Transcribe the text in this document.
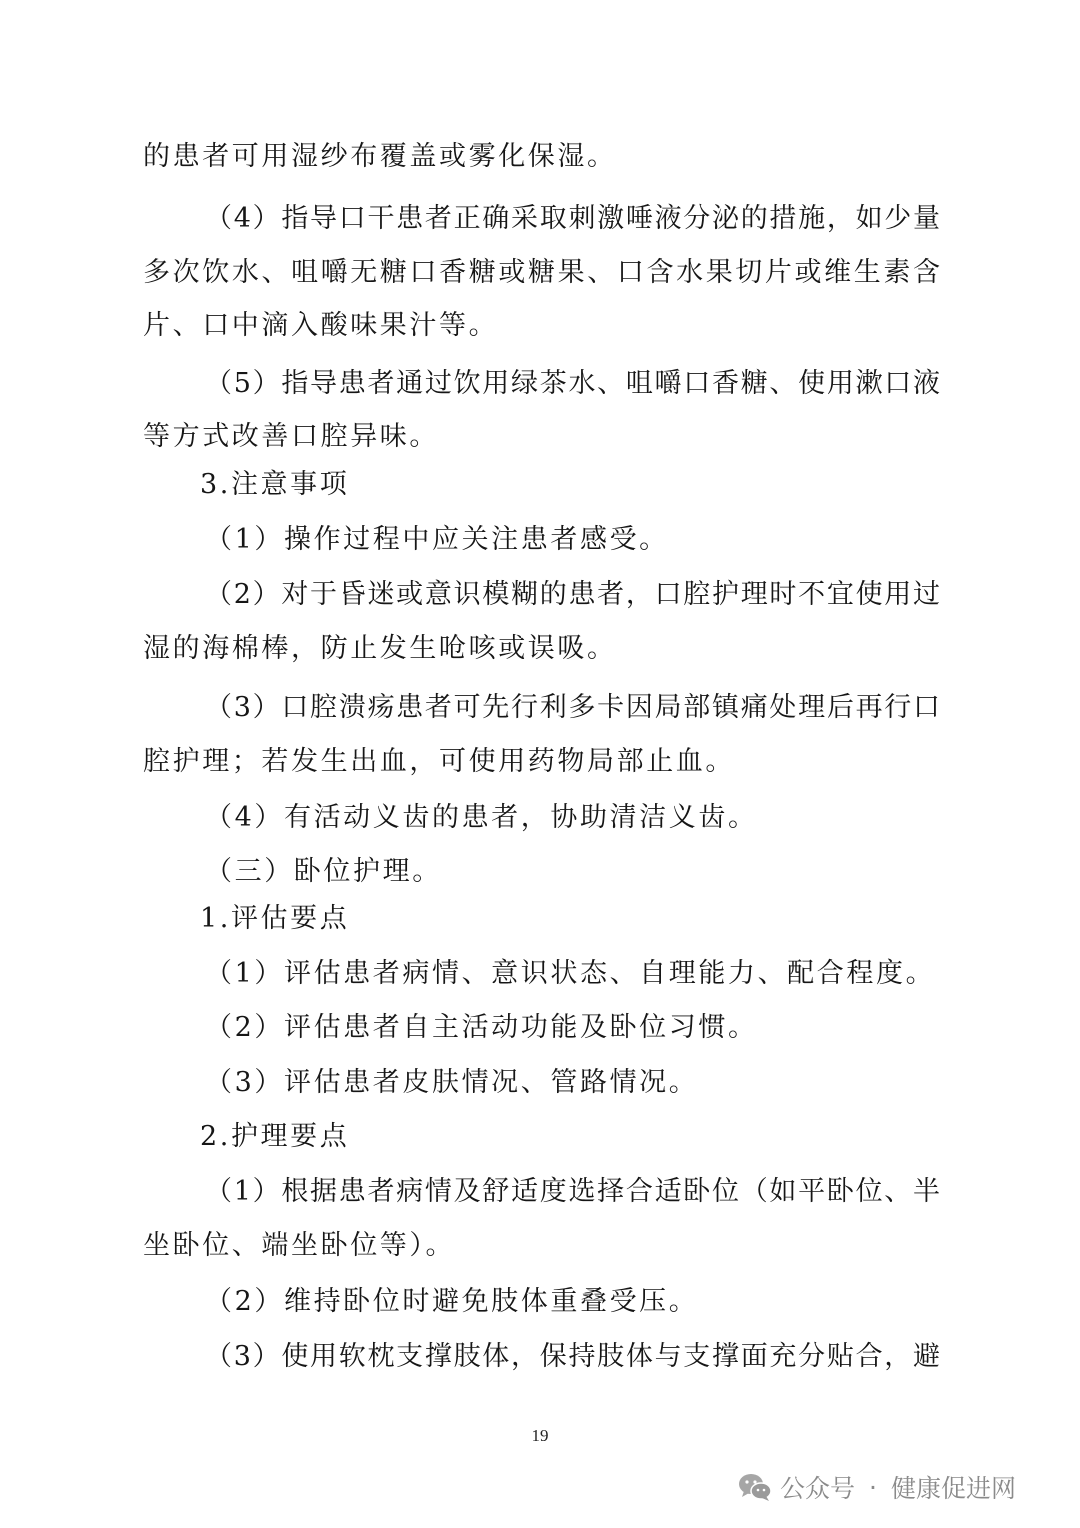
的患者可用湿纱布覆盖或雾化保湿。
（4）指导口干患者正确采取刺激唾液分泌的措施，如少量
多次饮水、咀嚼无糖口香糖或糖果、口含水果切片或维生素含
片、口中滴入酸味果汁等。
（5）指导患者通过饮用绿茶水、咀嚼口香糖、使用漱口液
等方式改善口腔异味。
3.注意事项
（1）操作过程中应关注患者感受。
（2）对于昏迷或意识模糊的患者，口腔护理时不宜使用过
湿的海棉棒，防止发生呛咳或误吸。
（3）口腔溃疡患者可先行利多卡因局部镇痛处理后再行口
腔护理；若发生出血，可使用药物局部止血。
（4）有活动义齿的患者，协助清洁义齿。
（三）卧位护理。
1.评估要点
（1）评估患者病情、意识状态、自理能力、配合程度。
（2）评估患者自主活动功能及卧位习惯。
（3）评估患者皮肤情况、管路情况。
2.护理要点
（1）根据患者病情及舒适度选择合适卧位（如平卧位、半
坐卧位、端坐卧位等）。
（2）维持卧位时避免肢体重叠受压。
（3）使用软枕支撑肢体，保持肢体与支撑面充分贴合，避
19
公众号 · 健康促进网
